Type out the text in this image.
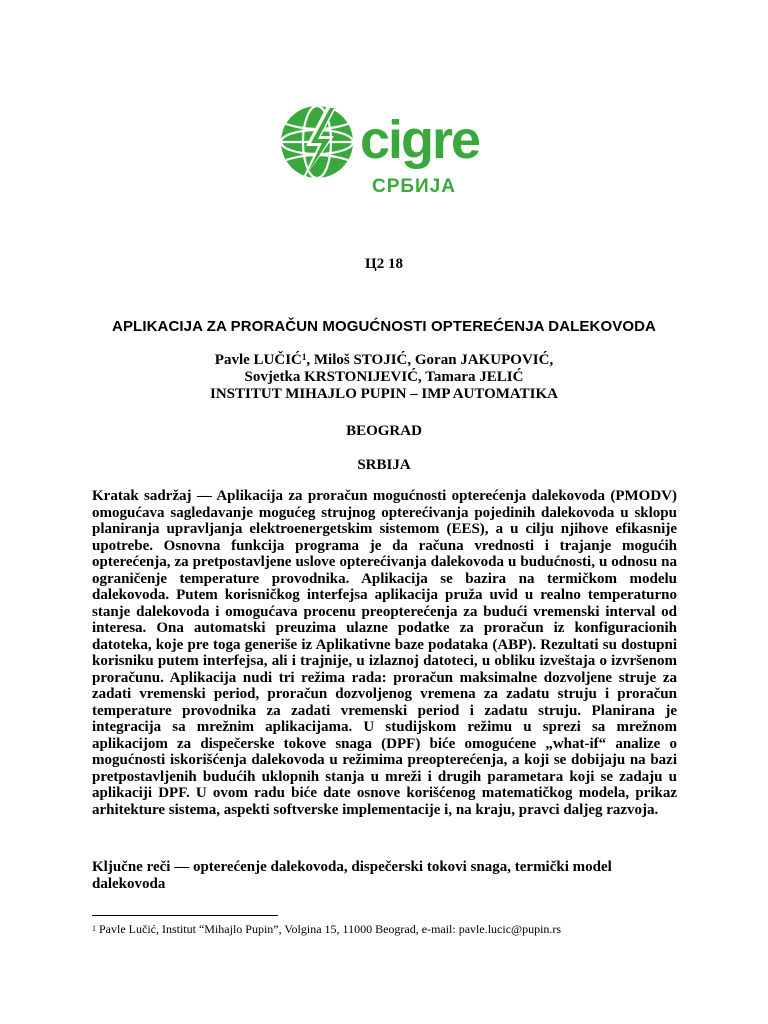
cigre
СРБИЈА
Ц2 18
APLIKACIJA ZA PRORAČUN MOGUĆNOSTI OPTEREĆENJA DALEKOVODA
Pavle LUČIĆ$^1$, Miloš STOJIĆ, Goran JAKUPOVIĆ,
Sovjetka KRSTONIJEVIĆ, Tamara JELIĆ
INSTITUT MIHAJLO PUPIN – IMP AUTOMATIKA
BEOGRAD
SRBIJA
Kratak sadržaj — Aplikacija za proračun mogućnosti opterećenja dalekovoda (PMODV) omogućava sagledavanje mogućeg strujnog opterećivanja pojedinih dalekovoda u sklopu planiranja upravljanja elektroenergetskim sistemom (EES), a u cilju njihove efikasnije upotrebe. Osnovna funkcija programa je da računa vrednosti i trajanje mogućih opterećenja, za pretpostavljene uslove opterećivanja dalekovoda u budućnosti, u odnosu na ograničenje temperature provodnika. Aplikacija se bazira na termičkom modelu dalekovoda. Putem korisničkog interfejsa aplikacija pruža uvid u realno temperaturno stanje dalekovoda i omogućava procenu preopterećenja za budući vremenski interval od interesa. Ona automatski preuzima ulazne podatke za proračun iz konfiguracionih datoteka, koje pre toga generiše iz Aplikativne baze podataka (ABP). Rezultati su dostupni korisniku putem interfejsa, ali i trajnije, u izlaznoj datoteci, u obliku izveštaja o izvršenom proračunu. Aplikacija nudi tri režima rada: proračun maksimalne dozvoljene struje za zadati vremenski period, proračun dozvoljenog vremena za zadatu struju i proračun temperature provodnika za zadati vremenski period i zadatu struju. Planirana je integracija sa mrežnim aplikacijama. U studijskom režimu u sprezi sa mrežnom aplikacijom za dispečerske tokove snaga (DPF) biće omogućene „what-if“ analize o mogućnosti iskorišćenja dalekovoda u režimima preopterećenja, a koji se dobijaju na bazi pretpostavljenih budućih uklopnih stanja u mreži i drugih parametara koji se zadaju u aplikaciji DPF. U ovom radu biće date osnove korišćenog matematičkog modela, prikaz arhitekture sistema, aspekti softverske implementacije i, na kraju, pravci daljeg razvoja.
Ključne reči — opterećenje dalekovoda, dispečerski tokovi snaga, termički model dalekovoda
$^1$ Pavle Lučić, Institut “Mihajlo Pupin”, Volgina 15, 11000 Beograd, e-mail: pavle.lucic@pupin.rs
